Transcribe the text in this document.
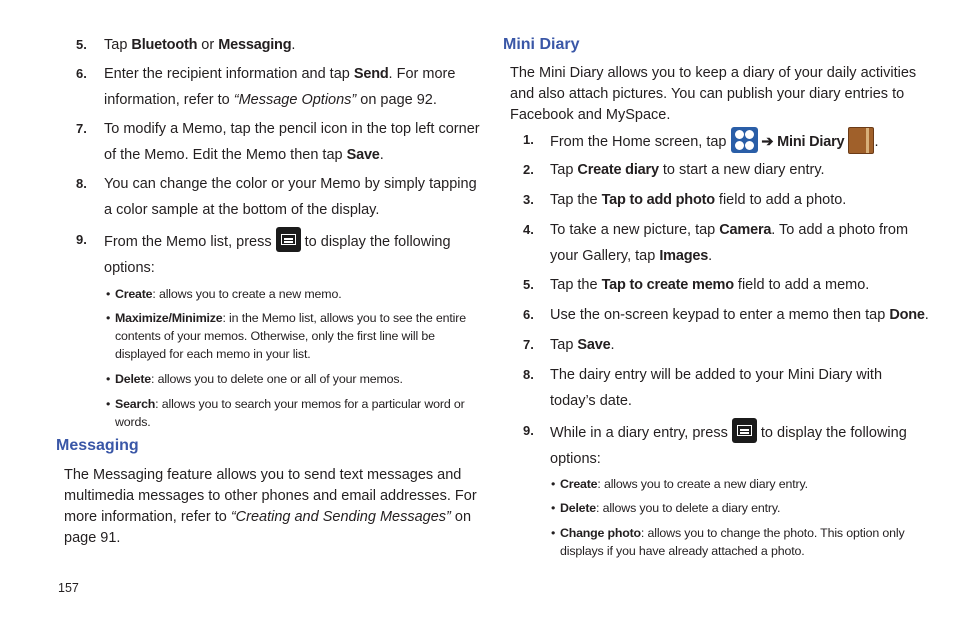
5. Tap Bluetooth or Messaging.
6. Enter the recipient information and tap Send. For more
information, refer to “Message Options” on page 92.
7. To modify a Memo, tap the pencil icon in the top left corner
of the Memo. Edit the Memo then tap Save.
8. You can change the color or your Memo by simply tapping
a color sample at the bottom of the display.
9. From the Memo list, press
to display the following
options:
• Create: allows you to create a new memo.
• Maximize/Minimize: in the Memo list, allows you to see the entire
contents of your memos. Otherwise, only the first line will be
displayed for each memo in your list.
• Delete: allows you to delete one or all of your memos.
• Search: allows you to search your memos for a particular word or
words.
Messaging
The Messaging feature allows you to send text messages and
multimedia messages to other phones and email addresses. For
more information, refer to “Creating and Sending Messages” on
page 91.
157
Mini Diary
The Mini Diary allows you to keep a diary of your daily activities
and also attach pictures. You can publish your diary entries to
Facebook and MySpace.
1. From the Home screen, tap
➔ Mini Diary .
2. Tap Create diary to start a new diary entry.
3. Tap the Tap to add photo field to add a photo.
4. To take a new picture, tap Camera. To add a photo from
your Gallery, tap Images.
5. Tap the Tap to create memo field to add a memo.
6. Use the on-screen keypad to enter a memo then tap Done.
7. Tap Save.
8. The dairy entry will be added to your Mini Diary with
today’s date.
9. While in a diary entry, press
to display the following
options:
• Create: allows you to create a new diary entry.
• Delete: allows you to delete a diary entry.
• Change photo: allows you to change the photo. This option only
displays if you have already attached a photo.
